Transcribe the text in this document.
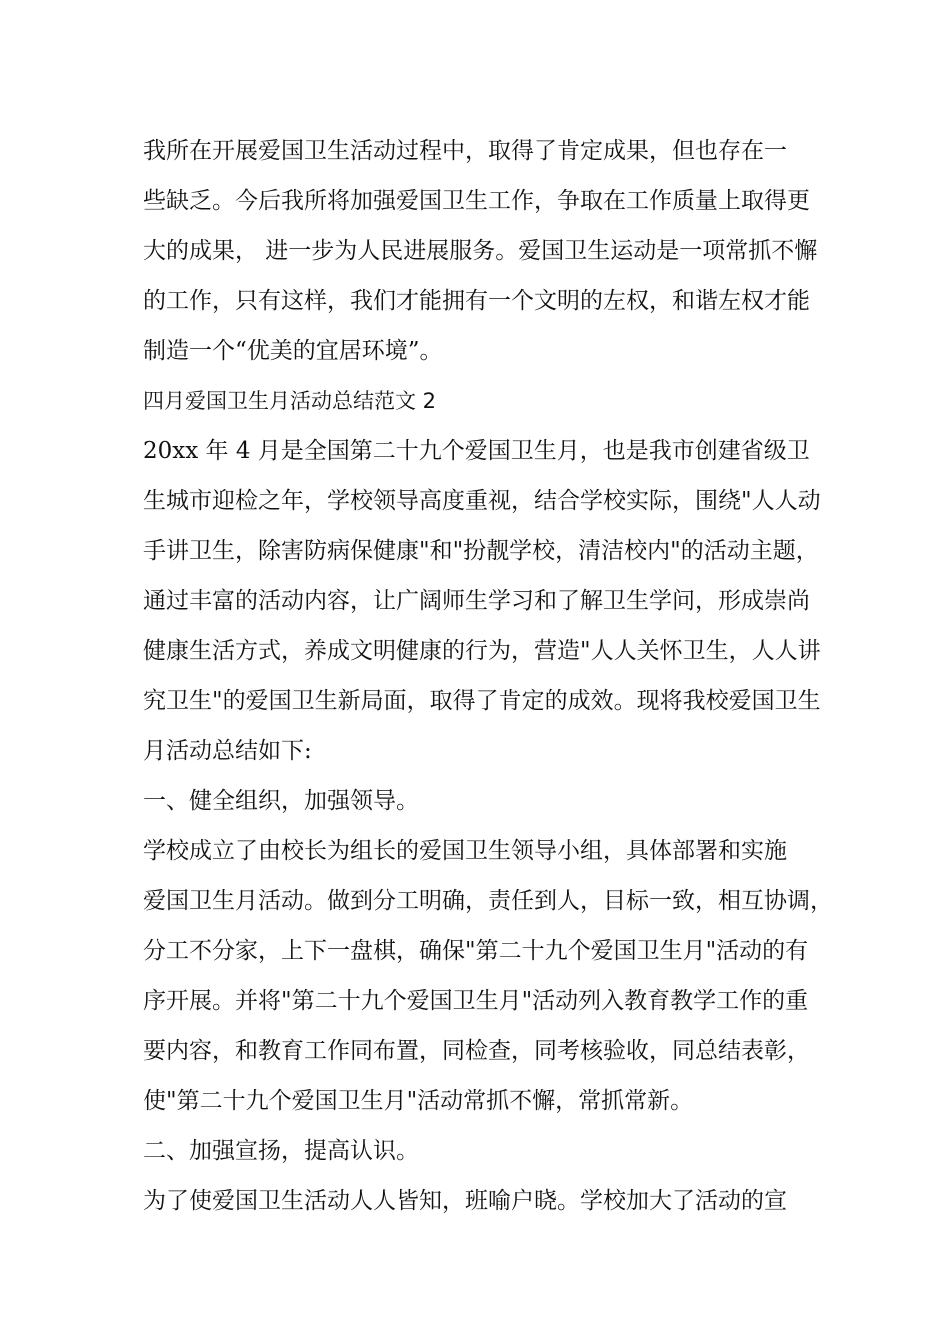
我所在开展爱国卫生活动过程中，取得了肯定成果，但也存在一
些缺乏。今后我所将加强爱国卫生工作，争取在工作质量上取得更
大的成果， 进一步为人民进展服务。爱国卫生运动是一项常抓不懈
的工作，只有这样，我们才能拥有一个文明的左权，和谐左权才能
制造一个“优美的宜居环境”。
四月爱国卫生月活动总结范文 2
20xx 年 4 月是全国第二十九个爱国卫生月，也是我市创建省级卫
生城市迎检之年，学校领导高度重视，结合学校实际，围绕"人人动
手讲卫生，除害防病保健康"和"扮靓学校，清洁校内"的活动主题，
通过丰富的活动内容，让广阔师生学习和了解卫生学问，形成崇尚
健康生活方式，养成文明健康的行为，营造"人人关怀卫生，人人讲
究卫生"的爱国卫生新局面，取得了肯定的成效。现将我校爱国卫生
月活动总结如下:
一、健全组织，加强领导。
学校成立了由校长为组长的爱国卫生领导小组，具体部署和实施
爱国卫生月活动。做到分工明确，责任到人，目标一致，相互协调，
分工不分家，上下一盘棋，确保"第二十九个爱国卫生月"活动的有
序开展。并将"第二十九个爱国卫生月"活动列入教育教学工作的重
要内容，和教育工作同布置，同检查，同考核验收，同总结表彰，
使"第二十九个爱国卫生月"活动常抓不懈，常抓常新。
二、加强宣扬，提高认识。
为了使爱国卫生活动人人皆知，班喻户晓。学校加大了活动的宣
